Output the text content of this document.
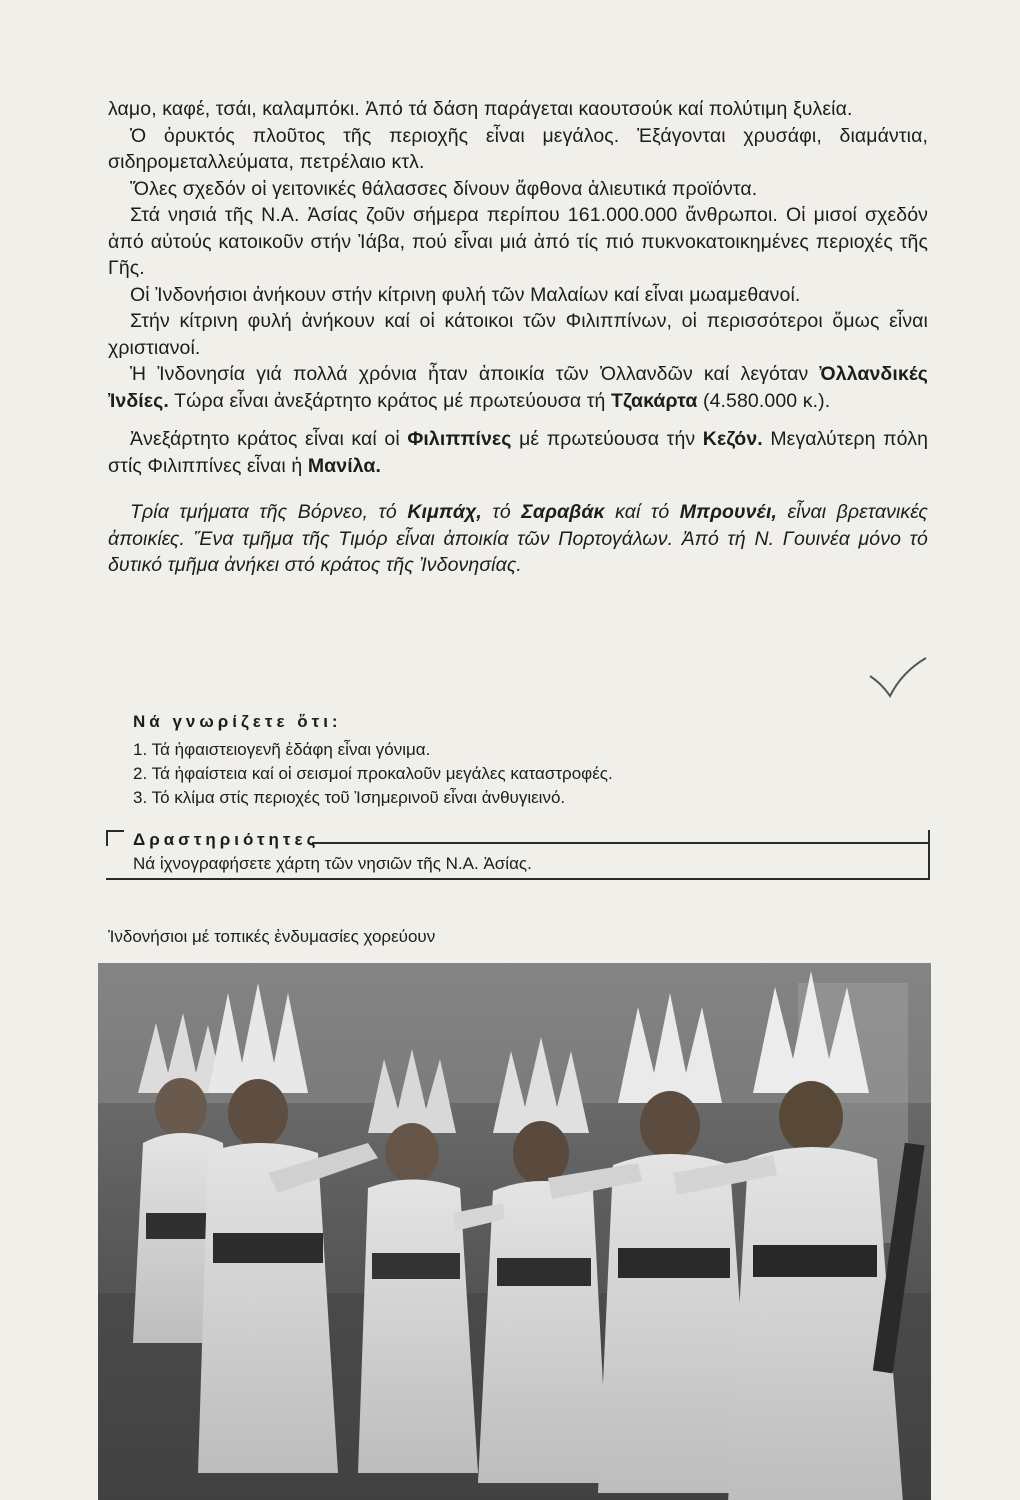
λαμο, καφέ, τσάι, καλαμπόκι. Ἀπό τά δάση παράγεται καουτσούκ καί πολύτιμη ξυλεία.

Ὁ ὀρυκτός πλοῦτος τῆς περιοχῆς εἶναι μεγάλος. Ἐξάγονται χρυσάφι, διαμάντια, σιδηρομεταλλεύματα, πετρέλαιο κτλ.

Ὅλες σχεδόν οἱ γειτονικές θάλασσες δίνουν ἄφθονα ἁλιευτικά προϊόντα.

Στά νησιά τῆς Ν.Α. Ἀσίας ζοῦν σήμερα περίπου 161.000.000 ἄνθρωποι. Οἱ μισοί σχεδόν ἀπό αὐτούς κατοικοῦν στήν Ἰάβα, πού εἶναι μιά ἀπό τίς πιό πυκνοκατοικημένες περιοχές τῆς Γῆς.

Οἱ Ἰνδονήσιοι ἀνήκουν στήν κίτρινη φυλή τῶν Μαλαίων καί εἶναι μωαμεθανοί.

Στήν κίτρινη φυλή ἀνήκουν καί οἱ κάτοικοι τῶν Φιλιππίνων, οἱ περισσότεροι ὅμως εἶναι χριστιανοί.

Ἡ Ἰνδονησία γιά πολλά χρόνια ἦταν ἀποικία τῶν Ὀλλανδῶν καί λεγόταν Ὀλλανδικές Ἰνδίες. Τώρα εἶναι ἀνεξάρτητο κράτος μέ πρωτεύουσα τή Τζακάρτα (4.580.000 κ.).

Ἀνεξάρτητο κράτος εἶναι καί οἱ Φιλιππίνες μέ πρωτεύουσα τήν Κεζόν. Μεγαλύτερη πόλη στίς Φιλιππίνες εἶναι ἡ Μανίλα.

Τρία τμήματα τῆς Βόρνεο, τό Κιμπάχ, τό Σαραβάκ καί τό Μπρουνέι, εἶναι βρετανικές ἀποικίες. Ἕνα τμῆμα τῆς Τιμόρ εἶναι ἀποικία τῶν Πορτογάλων. Ἀπό τή Ν. Γουινέα μόνο τό δυτικό τμῆμα ἀνήκει στό κράτος τῆς Ἰνδονησίας.

Νά γνωρίζετε ὅτι:
1. Τά ἡφαιστειογενῆ ἐδάφη εἶναι γόνιμα.
2. Τά ἡφαίστεια καί οἱ σεισμοί προκαλοῦν μεγάλες καταστροφές.
3. Τό κλίμα στίς περιοχές τοῦ Ἰσημερινοῦ εἶναι ἀνθυγιεινό.
Δραστηριότητες
Νά ἰχνογραφήσετε χάρτη τῶν νησιῶν τῆς Ν.Α. Ἀσίας.
Ἰνδονήσιοι μέ τοπικές ἐνδυμασίες χορεύουν
